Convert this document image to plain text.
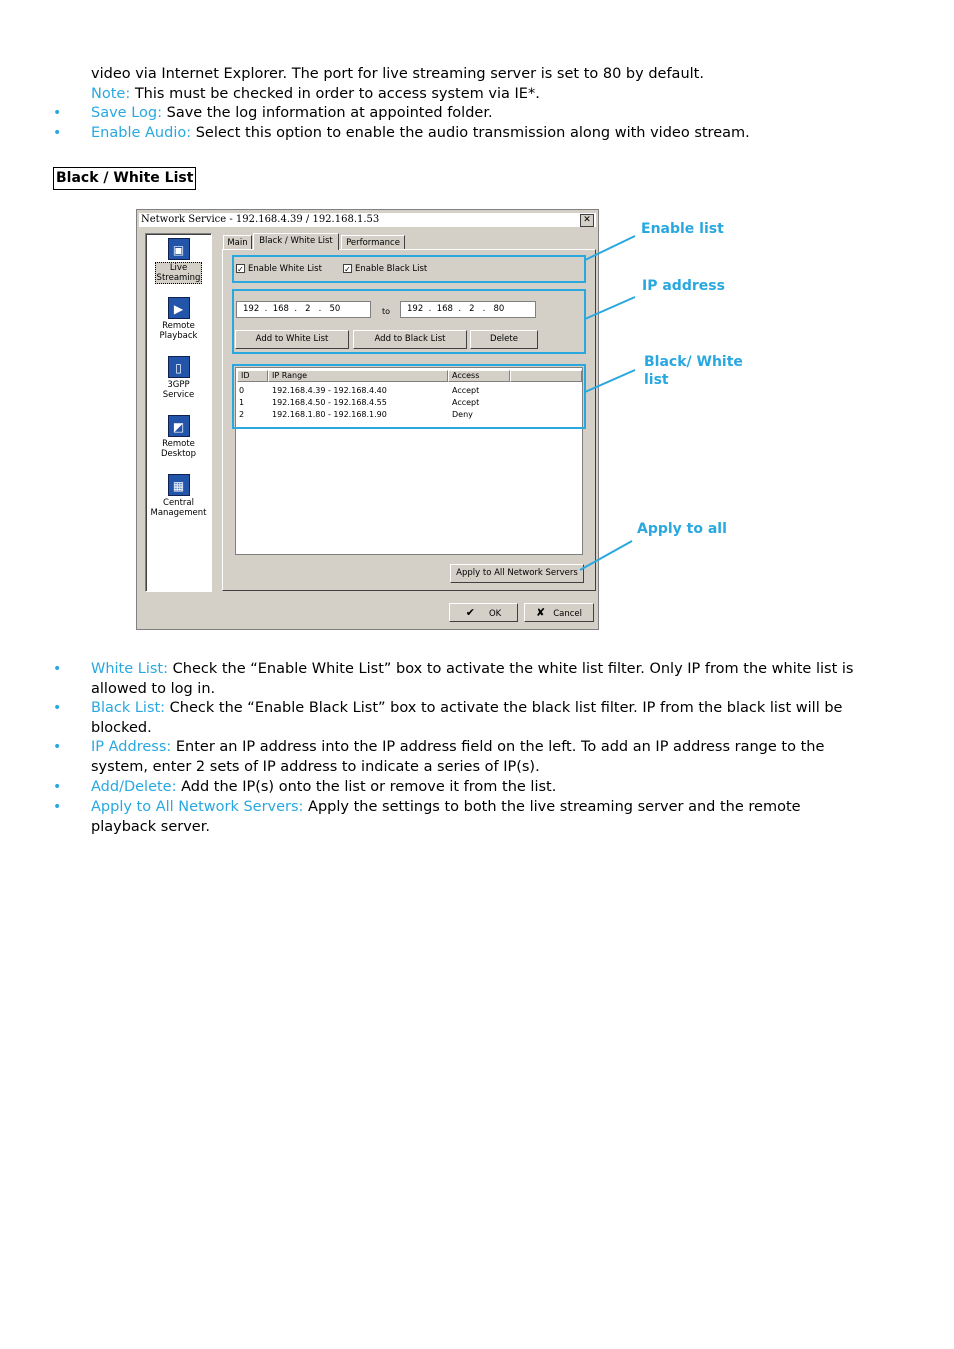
video via Internet Explorer. The port for live streaming server is set to 80 by default.
Note: This must be checked in order to access system via IE*.
• Save Log: Save the log information at appointed folder.
• Enable Audio: Select this option to enable the audio transmission along with video stream.
Black / White List
Network Service - 192.168.4.39 / 192.168.1.53	✕
▣
Live
Streaming
▶
Remote
Playback
▯
3GPP
Service
◩
Remote
Desktop
▦
Central
Management
Main	Black / White List	Performance
✓ Enable White List	✓ Enable Black List
192  .  168  .   2   .   50	to	192  .  168  .   2   .   80
Add to White List	Add to Black List	Delete
ID	IP Range	Access
0	192.168.4.39 - 192.168.4.40	Accept
1	192.168.4.50 - 192.168.4.55	Accept
2	192.168.1.80 - 192.168.1.90	Deny
Apply to All Network Servers
✔ OK	✘ Cancel
Enable list
IP address
Black/ White
list
Apply to all
• White List: Check the “Enable White List” box to activate the white list filter. Only IP from the white list is
allowed to log in.
• Black List: Check the “Enable Black List” box to activate the black list filter. IP from the black list will be
blocked.
• IP Address: Enter an IP address into the IP address field on the left. To add an IP address range to the
system, enter 2 sets of IP address to indicate a series of IP(s).
• Add/Delete: Add the IP(s) onto the list or remove it from the list.
• Apply to All Network Servers: Apply the settings to both the live streaming server and the remote
playback server.
